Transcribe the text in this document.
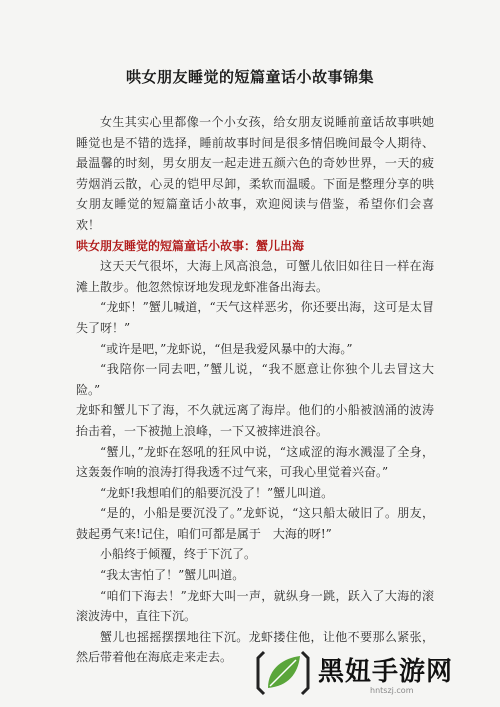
哄女朋友睡觉的短篇童话小故事锦集

女生其实心里都像一个小女孩，给女朋友说睡前童话故事哄她睡觉也是不错的选择，睡前故事时间是很多情侣晚间最令人期待、最温馨的时刻，男女朋友一起走进五颜六色的奇妙世界，一天的疲劳烟消云散，心灵的铠甲尽卸，柔软而温暖。下面是整理分享的哄女朋友睡觉的短篇童话小故事，欢迎阅读与借鉴，希望你们会喜欢！

哄女朋友睡觉的短篇童话小故事：蟹儿出海

这天天气很坏，大海上风高浪急，可蟹儿依旧如往日一样在海滩上散步。他忽然惊讶地发现龙虾准备出海去。

“龙虾！”蟹儿喊道，“天气这样恶劣，你还要出海，这可是太冒失了呀！”

“或许是吧，”龙虾说，“但是我爱风暴中的大海。”

“我陪你一同去吧，”蟹儿说，“我不愿意让你独个儿去冒这大险。”

龙虾和蟹儿下了海，不久就远离了海岸。他们的小船被汹涌的波涛抬击着，一下被抛上浪峰，一下又被摔进浪谷。

“蟹儿，”龙虾在怒吼的狂风中说，“这咸涩的海水溅湿了全身，这轰轰作响的浪涛打得我透不过气来，可我心里觉着兴奋。”

“龙虾!我想咱们的船要沉没了！”蟹儿叫道。

“是的，小船是要沉没了。”龙虾说，“这只船太破旧了。朋友，鼓起勇气来!记住，咱们可都是属于　大海的呀!”

小船终于倾覆，终于下沉了。

“我太害怕了！”蟹儿叫道。

“咱们下海去！”龙虾大叫一声，就纵身一跳，跃入了大海的滚滚波涛中，直往下沉。

蟹儿也摇摇摆摆地往下沉。龙虾搂住他，让他不要那么紧张，然后带着他在海底走来走去。	黑妞手游网
hntszj.com
